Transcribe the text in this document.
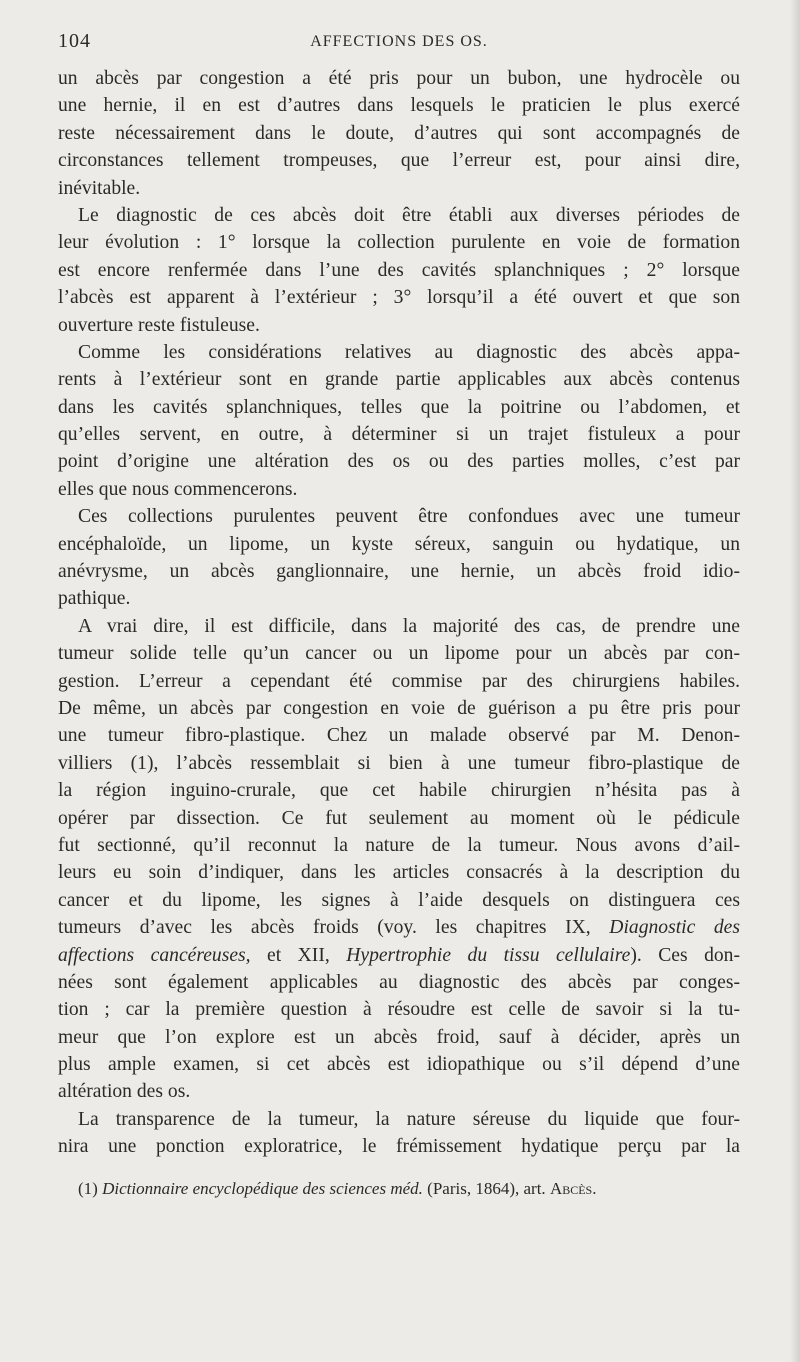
104	AFFECTIONS DES OS.
un abcès par congestion a été pris pour un bubon, une hydrocèle ou
une hernie, il en est d’autres dans lesquels le praticien le plus exercé
reste nécessairement dans le doute, d’autres qui sont accompagnés de
circonstances tellement trompeuses, que l’erreur est, pour ainsi dire,
inévitable.
Le diagnostic de ces abcès doit être établi aux diverses périodes de
leur évolution : 1° lorsque la collection purulente en voie de formation
est encore renfermée dans l’une des cavités splanchniques ; 2° lorsque
l’abcès est apparent à l’extérieur ; 3° lorsqu’il a été ouvert et que son
ouverture reste fistuleuse.
Comme les considérations relatives au diagnostic des abcès appa-
rents à l’extérieur sont en grande partie applicables aux abcès contenus
dans les cavités splanchniques, telles que la poitrine ou l’abdomen, et
qu’elles servent, en outre, à déterminer si un trajet fistuleux a pour
point d’origine une altération des os ou des parties molles, c’est par
elles que nous commencerons.
Ces collections purulentes peuvent être confondues avec une tumeur
encéphaloïde, un lipome, un kyste séreux, sanguin ou hydatique, un
anévrysme, un abcès ganglionnaire, une hernie, un abcès froid idio-
pathique.
A vrai dire, il est difficile, dans la majorité des cas, de prendre une
tumeur solide telle qu’un cancer ou un lipome pour un abcès par con-
gestion. L’erreur a cependant été commise par des chirurgiens habiles.
De même, un abcès par congestion en voie de guérison a pu être pris pour
une tumeur fibro-plastique. Chez un malade observé par M. Denon-
villiers (1), l’abcès ressemblait si bien à une tumeur fibro-plastique de
la région inguino-crurale, que cet habile chirurgien n’hésita pas à
opérer par dissection. Ce fut seulement au moment où le pédicule
fut sectionné, qu’il reconnut la nature de la tumeur. Nous avons d’ail-
leurs eu soin d’indiquer, dans les articles consacrés à la description du
cancer et du lipome, les signes à l’aide desquels on distinguera ces
tumeurs d’avec les abcès froids (voy. les chapitres IX, Diagnostic des
affections cancéreuses, et XII, Hypertrophie du tissu cellulaire). Ces don-
nées sont également applicables au diagnostic des abcès par conges-
tion ; car la première question à résoudre est celle de savoir si la tu-
meur que l’on explore est un abcès froid, sauf à décider, après un
plus ample examen, si cet abcès est idiopathique ou s’il dépend d’une
altération des os.
La transparence de la tumeur, la nature séreuse du liquide que four-
nira une ponction exploratrice, le frémissement hydatique perçu par la
(1) Dictionnaire encyclopédique des sciences méd. (Paris, 1864), art. Abcès.
